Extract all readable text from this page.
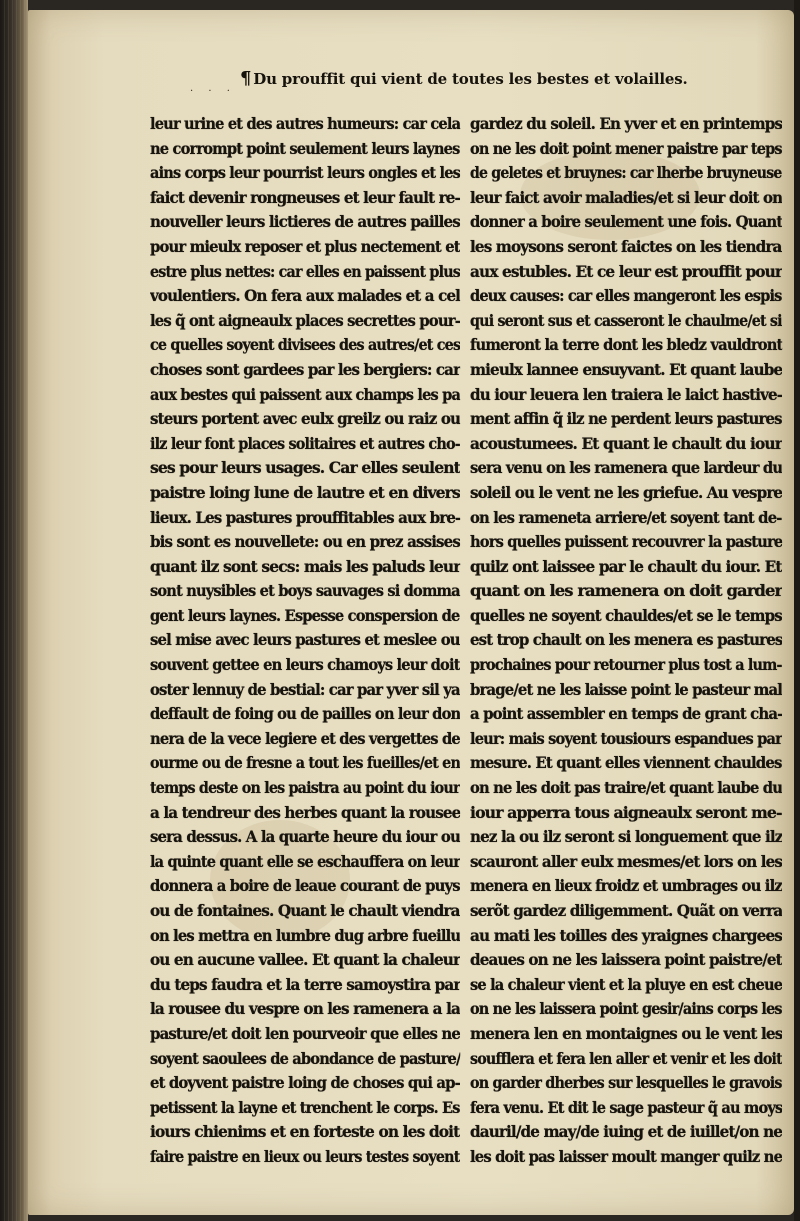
¶ Du prouffit qui vient de toutes les bestes et volailles.
· · ·
leur urine et des autres humeurs: car cela
ne corrompt point seulement leurs laynes
ains corps leur pourrist leurs ongles et les
faict devenir rongneuses et leur fault re-
nouveller leurs lictieres de autres pailles
pour mieulx reposer et plus nectement et
estre plus nettes: car elles en paissent plus
voulentiers. On fera aux malades et a cel
les q̃ ont aigneaulx places secrettes pour-
ce quelles soyent divisees des autres/et ces
choses sont gardees par les bergiers: car
aux bestes qui paissent aux champs les pa
steurs portent avec eulx greilz ou raiz ou
ilz leur font places solitaires et autres cho-
ses pour leurs usages. Car elles seulent
paistre loing lune de lautre et en divers
lieux. Les pastures prouffitables aux bre-
bis sont es nouvellete: ou en prez assises
quant ilz sont secs: mais les paluds leur
sont nuysibles et boys sauvages si domma
gent leurs laynes. Espesse conspersion de
sel mise avec leurs pastures et meslee ou
souvent gettee en leurs chamoys leur doit
oster lennuy de bestial: car par yver sil ya
deffault de foing ou de pailles on leur don
nera de la vece legiere et des vergettes de
ourme ou de fresne a tout les fueilles/et en
temps deste on les paistra au point du iour
a la tendreur des herbes quant la rousee
sera dessus. A la quarte heure du iour ou
la quinte quant elle se eschauffera on leur
donnera a boire de leaue courant de puys
ou de fontaines. Quant le chault viendra
on les mettra en lumbre dug arbre fueillu
ou en aucune vallee. Et quant la chaleur
du teps faudra et la terre samoystira par
la rousee du vespre on les ramenera a la
pasture/et doit len pourveoir que elles ne
soyent saoulees de abondance de pasture/
et doyvent paistre loing de choses qui ap-
petissent la layne et trenchent le corps. Es
iours chienims et en forteste on les doit
faire paistre en lieux ou leurs testes soyent
gardez du soleil. En yver et en printemps
on ne les doit point mener paistre par teps
de geletes et bruynes: car lherbe bruyneuse
leur faict avoir maladies/et si leur doit on
donner a boire seulement une fois. Quant
les moysons seront faictes on les tiendra
aux estubles. Et ce leur est prouffit pour
deux causes: car elles mangeront les espis
qui seront sus et casseront le chaulme/et si
fumeront la terre dont les bledz vauldront
mieulx lannee ensuyvant. Et quant laube
du iour leuera len traiera le laict hastive-
ment affin q̃ ilz ne perdent leurs pastures
acoustumees. Et quant le chault du iour
sera venu on les ramenera que lardeur du
soleil ou le vent ne les griefue. Au vespre
on les rameneta arriere/et soyent tant de-
hors quelles puissent recouvrer la pasture
quilz ont laissee par le chault du iour. Et
quant on les ramenera on doit garder
quelles ne soyent chauldes/et se le temps
est trop chault on les menera es pastures
prochaines pour retourner plus tost a lum-
brage/et ne les laisse point le pasteur mal
a point assembler en temps de grant cha-
leur: mais soyent tousiours espandues par
mesure. Et quant elles viennent chauldes
on ne les doit pas traire/et quant laube du
iour apperra tous aigneaulx seront me-
nez la ou ilz seront si longuement que ilz
scauront aller eulx mesmes/et lors on les
menera en lieux froidz et umbrages ou ilz
serõt gardez diligemment. Quãt on verra
au mati les toilles des yraignes chargees
deaues on ne les laissera point paistre/et
se la chaleur vient et la pluye en est cheue
on ne les laissera point gesir/ains corps les
menera len en montaignes ou le vent les
soufflera et fera len aller et venir et les doit
on garder dherbes sur lesquelles le gravois
fera venu. Et dit le sage pasteur q̃ au moys
dauril/de may/de iuing et de iuillet/on ne
les doit pas laisser moult manger quilz ne
